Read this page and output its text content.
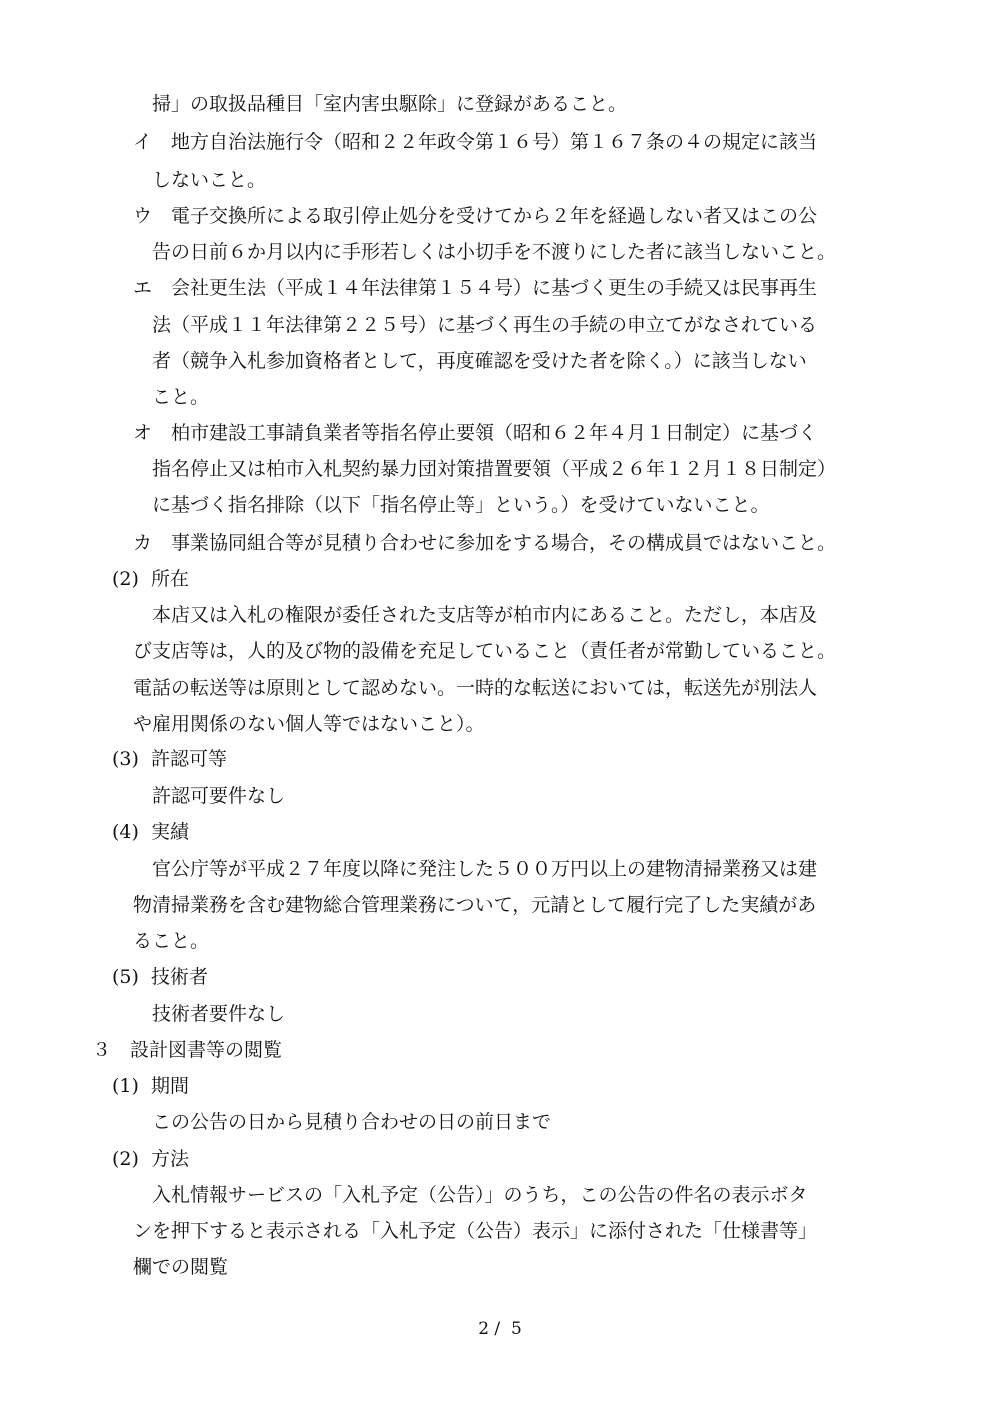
掃」の取扱品種目「室内害虫駆除」に登録があること。

イ　地方自治法施行令（昭和２２年政令第１６号）第１６７条の４の規定に該当

しないこと。

ウ　電子交換所による取引停止処分を受けてから２年を経過しない者又はこの公

告の日前６か月以内に手形若しくは小切手を不渡りにした者に該当しないこと。

エ　会社更生法（平成１４年法律第１５４号）に基づく更生の手続又は民事再生

法（平成１１年法律第２２５号）に基づく再生の手続の申立てがなされている

者（競争入札参加資格者として，再度確認を受けた者を除く。）に該当しない

こと。

オ　柏市建設工事請負業者等指名停止要領（昭和６２年４月１日制定）に基づく

指名停止又は柏市入札契約暴力団対策措置要領（平成２６年１２月１８日制定）

に基づく指名排除（以下「指名停止等」という。）を受けていないこと。

カ　事業協同組合等が見積り合わせに参加をする場合，その構成員ではないこと。

(2)  所在

本店又は入札の権限が委任された支店等が柏市内にあること。ただし，本店及

び支店等は，人的及び物的設備を充足していること（責任者が常勤していること。

電話の転送等は原則として認めない。一時的な転送においては，転送先が別法人

や雇用関係のない個人等ではないこと）。

(3)  許認可等

許認可要件なし

(4)  実績

官公庁等が平成２７年度以降に発注した５００万円以上の建物清掃業務又は建

物清掃業務を含む建物総合管理業務について，元請として履行完了した実績があ

ること。

(5)  技術者

技術者要件なし

３　設計図書等の閲覧

(1)  期間

この公告の日から見積り合わせの日の前日まで

(2)  方法

入札情報サービスの「入札予定（公告）」のうち，この公告の件名の表示ボタ

ンを押下すると表示される「入札予定（公告）表示」に添付された「仕様書等」

欄での閲覧

2 /  5
